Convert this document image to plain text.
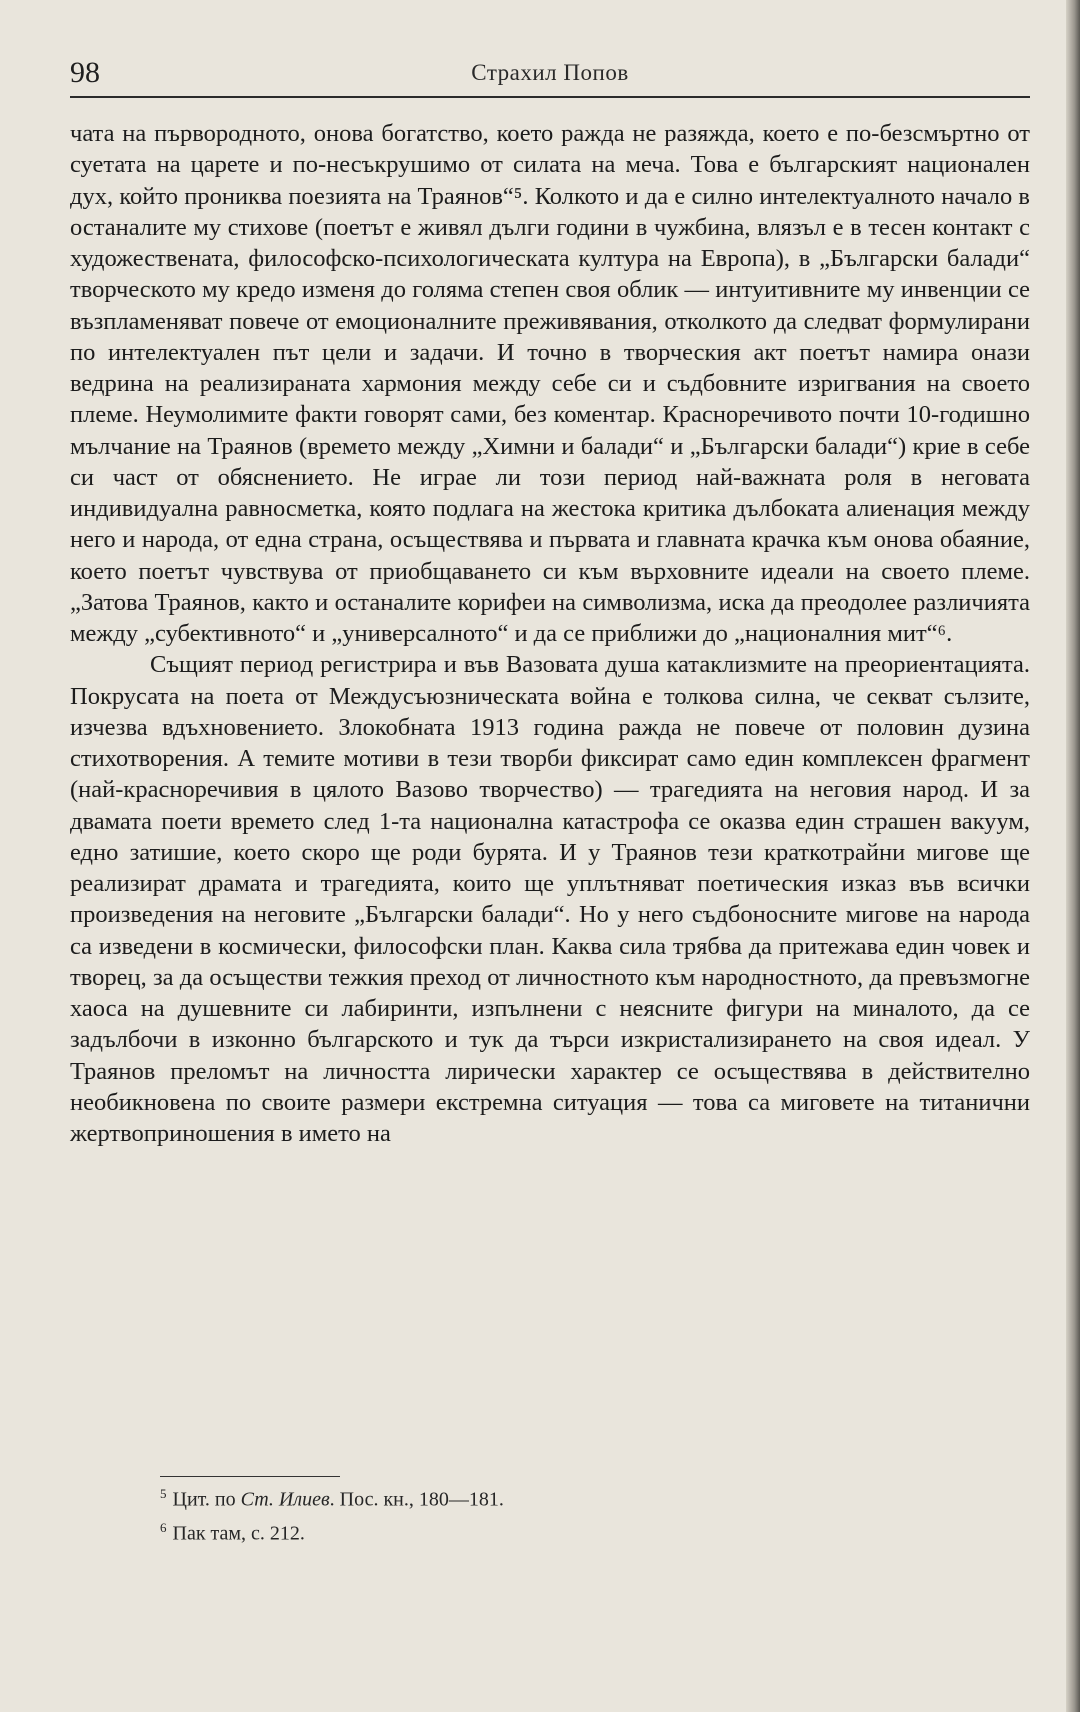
98	Страхил Попов

чата на първородното, онова богатство, което ражда не разяжда, което е по-безсмъртно от суетата на царете и по-несъкрушимо от силата на меча. Това е българският национален дух, който прониква поезията на Траянов“⁵. Колкото и да е силно интелектуалното начало в останалите му стихове (поетът е живял дълги години в чужбина, влязъл е в тесен контакт с художествената, философско-психологическата култура на Европа), в „Български балади“ творческото му кредо изменя до голяма степен своя облик — интуитивните му инвенции се възпламеняват повече от емоционалните преживявания, отколкото да следват формулирани по интелектуален път цели и задачи. И точно в творческия акт поетът намира онази ведрина на реализираната хармония между себе си и съдбовните изригвания на своето племе. Неумолимите факти говорят сами, без коментар. Красноречивото почти 10-годишно мълчание на Траянов (времето между „Химни и балади“ и „Български балади“) крие в себе си част от обяснението. Не играе ли този период най-важната роля в неговата индивидуална равносметка, която подлага на жестока критика дълбоката алиенация между него и народа, от една страна, осъществява и първата и главната крачка към онова обаяние, което поетът чувствува от приобщаването си към върховните идеали на своето племе. „Затова Траянов, както и останалите корифеи на символизма, иска да преодолее различията между „субективното“ и „универсалното“ и да се приближи до „националния мит“⁶.

Същият период регистрира и във Вазовата душа катаклизмите на преориентацията. Покрусата на поета от Междусъюзническата война е толкова силна, че секват сълзите, изчезва вдъхновението. Злокобната 1913 година ражда не повече от половин дузина стихотворения. А темите мотиви в тези творби фиксират само един комплексен фрагмент (най-красноречивия в цялото Вазово творчество) — трагедията на неговия народ. И за двамата поети времето след 1-та национална катастрофа се оказва един страшен вакуум, едно затишие, което скоро ще роди бурята. И у Траянов тези краткотрайни мигове ще реализират драмата и трагедията, които ще уплътняват поетическия изказ във всички произведения на неговите „Български балади“. Но у него съдбоносните мигове на народа са изведени в космически, философски план. Каква сила трябва да притежава един човек и творец, за да осъществи тежкия преход от личностното към народностното, да превъзмогне хаоса на душевните си лабиринти, изпълнени с неясните фигури на миналото, да се задълбочи в изконно българското и тук да търси изкристализирането на своя идеал. У Траянов преломът на личността лирически характер се осъществява в действително необикновена по своите размери екстремна ситуация — това са миговете на титанични жертвоприношения в името на

$^5$ Цит. по Ст. Илиев. Пос. кн., 180—181.

$^6$ Пак там, с. 212.
